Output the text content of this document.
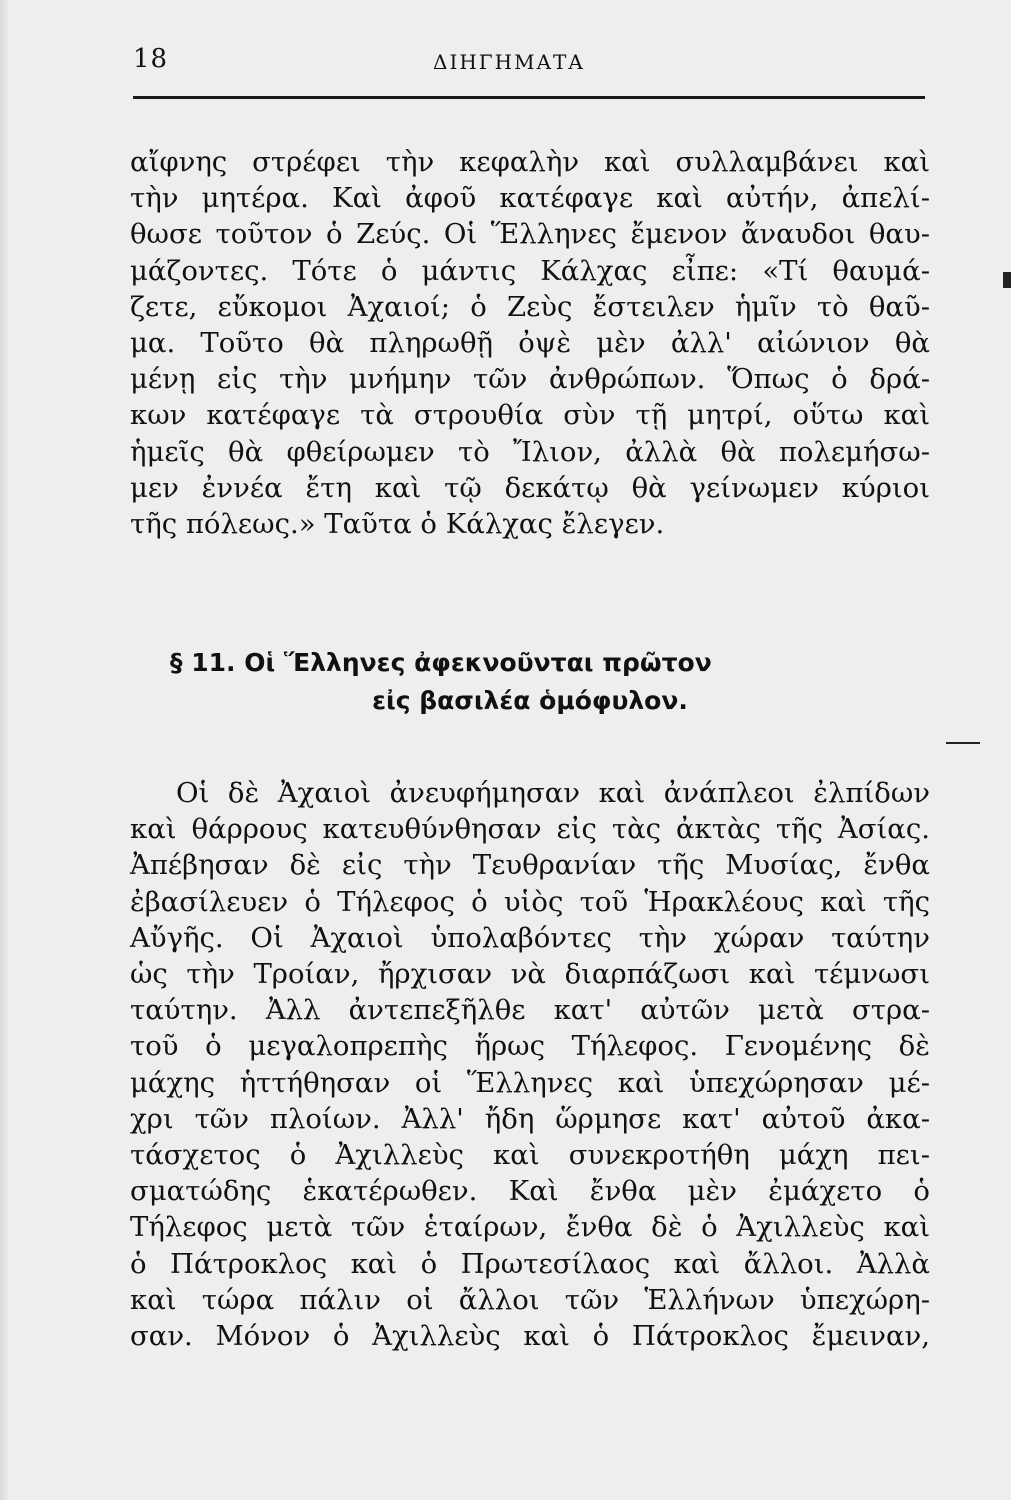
18	ΔΙΗΓΗΜΑΤΑ
αἴφνης στρέφει τὴν κεφαλὴν καὶ συλλαμβάνει καὶ
τὴν μητέρα. Καὶ ἀφοῦ κατέφαγε καὶ αὐτήν, ἀπελί-
θωσε τοῦτον ὁ Ζεύς. Οἱ Ἕλληνες ἔμενον ἄναυδοι θαυ-
μάζοντες. Τότε ὁ μάντις Κάλχας εἶπε: «Τί θαυμά-
ζετε, εὔκομοι Ἀχαιοί; ὁ Ζεὺς ἔστειλεν ἡμῖν τὸ θαῦ-
μα. Τοῦτο θὰ πληρωθῇ ὀψὲ μὲν ἀλλ' αἰώνιον θὰ
μένῃ εἰς τὴν μνήμην τῶν ἀνθρώπων. Ὅπως ὁ δρά-
κων κατέφαγε τὰ στρουθία σὺν τῇ μητρί, οὕτω καὶ
ἡμεῖς θὰ φθείρωμεν τὸ Ἴλιον, ἀλλὰ θὰ πολεμήσω-
μεν ἐννέα ἔτη καὶ τῷ δεκάτῳ θὰ γείνωμεν κύριοι
τῆς πόλεως.» Ταῦτα ὁ Κάλχας ἔλεγεν.
§ 11. Οἱ Ἕλληνες ἀφεκνοῦνται πρῶτον
εἰς βασιλέα ὁμόφυλον.
Οἱ δὲ Ἀχαιοὶ ἀνευφήμησαν καὶ ἀνάπλεοι ἐλπίδων
καὶ θάρρους κατευθύνθησαν εἰς τὰς ἀκτὰς τῆς Ἀσίας.
Ἀπέβησαν δὲ εἰς τὴν Τευθρανίαν τῆς Μυσίας, ἔνθα
ἐβασίλευεν ὁ Τήλεφος ὁ υἱὸς τοῦ Ἡρακλέους καὶ τῆς
Αὔγῆς. Οἱ Ἀχαιοὶ ὑπολαβόντες τὴν χώραν ταύτην
ὡς τὴν Τροίαν, ἤρχισαν νὰ διαρπάζωσι καὶ τέμνωσι
ταύτην. Ἀλλ ἀντεπεξῆλθε κατ' αὐτῶν μετὰ στρα-
τοῦ ὁ μεγαλοπρεπὴς ἥρως Τήλεφος. Γενομένης δὲ
μάχης ἡττήθησαν οἱ Ἕλληνες καὶ ὑπεχώρησαν μέ-
χρι τῶν πλοίων. Ἀλλ' ἤδη ὥρμησε κατ' αὐτοῦ ἀκα-
τάσχετος ὁ Ἀχιλλεὺς καὶ συνεκροτήθη μάχη πει-
σματώδης ἑκατέρωθεν. Καὶ ἔνθα μὲν ἐμάχετο ὁ
Τήλεφος μετὰ τῶν ἑταίρων, ἔνθα δὲ ὁ Ἀχιλλεὺς καὶ
ὁ Πάτροκλος καὶ ὁ Πρωτεσίλαος καὶ ἄλλοι. Ἀλλὰ
καὶ τώρα πάλιν οἱ ἄλλοι τῶν Ἑλλήνων ὑπεχώρη-
σαν. Μόνον ὁ Ἀχιλλεὺς καὶ ὁ Πάτροκλος ἔμειναν,
